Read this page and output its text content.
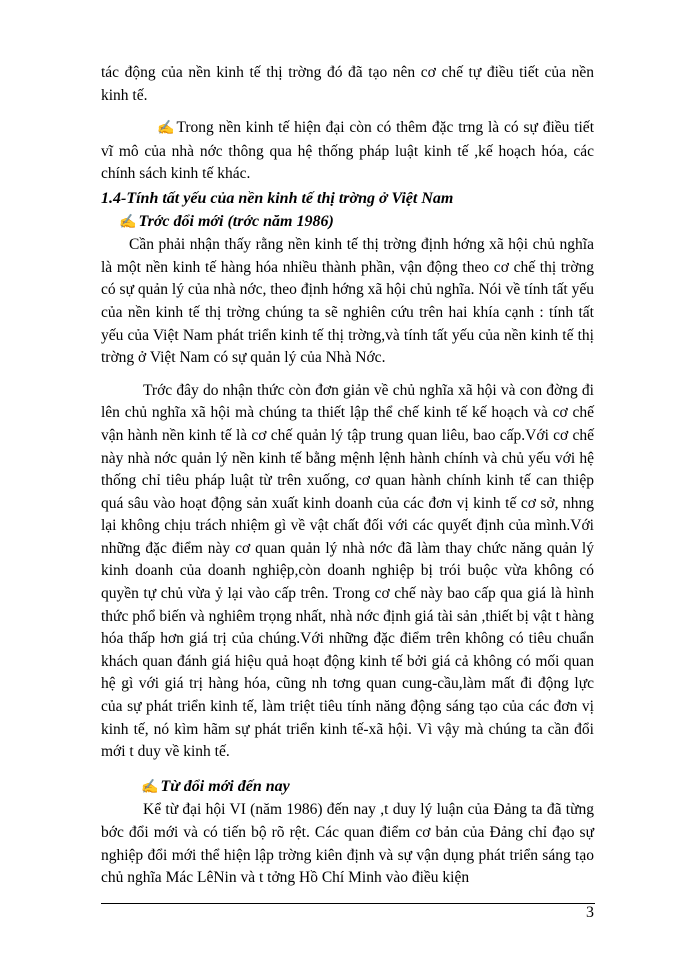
tác động của nền kinh tế thị trờng đó đã tạo nên cơ chế tự điều tiết của nền kinh tế.

✍ Trong nền kinh tế hiện đại còn có thêm đặc trng là có sự điều tiết vĩ mô của nhà nớc thông qua hệ thống pháp luật kinh tế ,kế hoạch hóa, các chính sách kinh tế khác.

1.4-Tính tất yếu của nền kinh tế thị trờng ở Việt Nam

✍ Trớc đổi mới (trớc năm 1986)

Cần phải nhận thấy rằng nền kinh tế thị trờng định hớng xã hội chủ nghĩa là một nền kinh tế hàng hóa nhiều thành phần, vận động theo cơ chế thị trờng có sự quản lý của nhà nớc, theo định hớng xã hội chủ nghĩa. Nói về tính tất yếu của nền kinh tế thị trờng chúng ta sẽ nghiên cứu trên hai khía cạnh : tính tất yếu của Việt Nam phát triển kinh tế thị trờng,và tính tất yếu của nền kinh tế thị trờng ở Việt Nam có sự quản lý của Nhà Nớc.

Trớc đây do nhận thức còn đơn giản về chủ nghĩa xã hội và con đờng đi lên chủ nghĩa xã hội mà chúng ta thiết lập thể chế kinh tế kế hoạch và cơ chế vận hành nền kinh tế là cơ chế quản lý tập trung quan liêu, bao cấp.Với cơ chế này nhà nớc quản lý nền kinh tế bằng mệnh lệnh hành chính và chủ yếu với hệ thống chỉ tiêu pháp luật từ trên xuống, cơ quan hành chính kinh tế can thiệp quá sâu vào hoạt động sản xuất kinh doanh của các đơn vị kinh tế cơ sở, nhng lại không chịu trách nhiệm gì về vật chất đối với các quyết định của mình.Với những đặc điểm này cơ quan quản lý nhà nớc đã làm thay chức năng quản lý kinh doanh của doanh nghiệp,còn doanh nghiệp bị trói buộc vừa không có quyền tự chủ vừa ỷ lại vào cấp trên. Trong cơ chế này bao cấp qua giá là hình thức phổ biến và nghiêm trọng nhất, nhà nớc định giá tài sản ,thiết bị vật t hàng hóa thấp hơn giá trị của chúng.Với những đặc điểm trên không có tiêu chuẩn khách quan đánh giá hiệu quả hoạt động kinh tế bởi giá cả không có mối quan hệ gì với giá trị hàng hóa, cũng nh tơng quan cung-cầu,làm mất đi động lực của sự phát triển kinh tế, làm triệt tiêu tính năng động sáng tạo của các đơn vị kinh tế, nó kìm hãm sự phát triển kinh tế-xã hội. Vì vậy mà chúng ta cần đổi mới t duy về kinh tế.

✍ Từ đổi mới đến nay

Kể từ đại hội VI (năm 1986) đến nay ,t duy lý luận của Đảng ta đã từng bớc đổi mới và có tiến bộ rõ rệt. Các quan điểm cơ bản của Đảng chỉ đạo sự nghiệp đổi mới thể hiện lập trờng kiên định và sự vận dụng phát triển sáng tạo chủ nghĩa Mác LêNin và t tởng Hồ Chí Minh vào điều kiện

3
